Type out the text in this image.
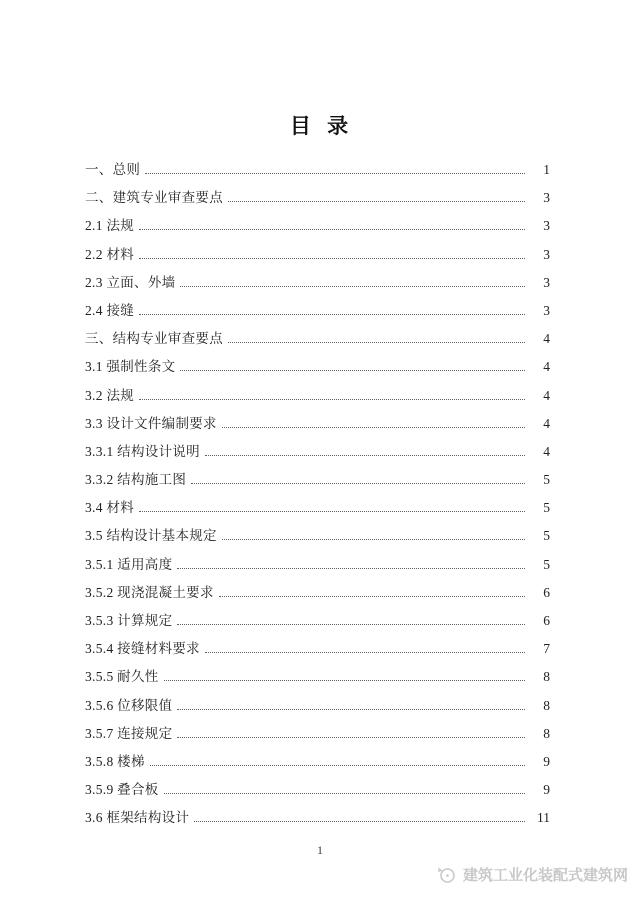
目 录
一、总则	1
二、建筑专业审查要点	3
2.1 法规	3
2.2 材料	3
2.3 立面、外墙	3
2.4 接缝	3
三、结构专业审查要点	4
3.1 强制性条文	4
3.2 法规	4
3.3 设计文件编制要求	4
3.3.1 结构设计说明	4
3.3.2 结构施工图	5
3.4 材料	5
3.5 结构设计基本规定	5
3.5.1 适用高度	5
3.5.2 现浇混凝土要求	6
3.5.3 计算规定	6
3.5.4 接缝材料要求	7
3.5.5 耐久性	8
3.5.6 位移限值	8
3.5.7 连接规定	8
3.5.8 楼梯	9
3.5.9 叠合板	9
3.6 框架结构设计	11
1
建筑工业化装配式建筑网
